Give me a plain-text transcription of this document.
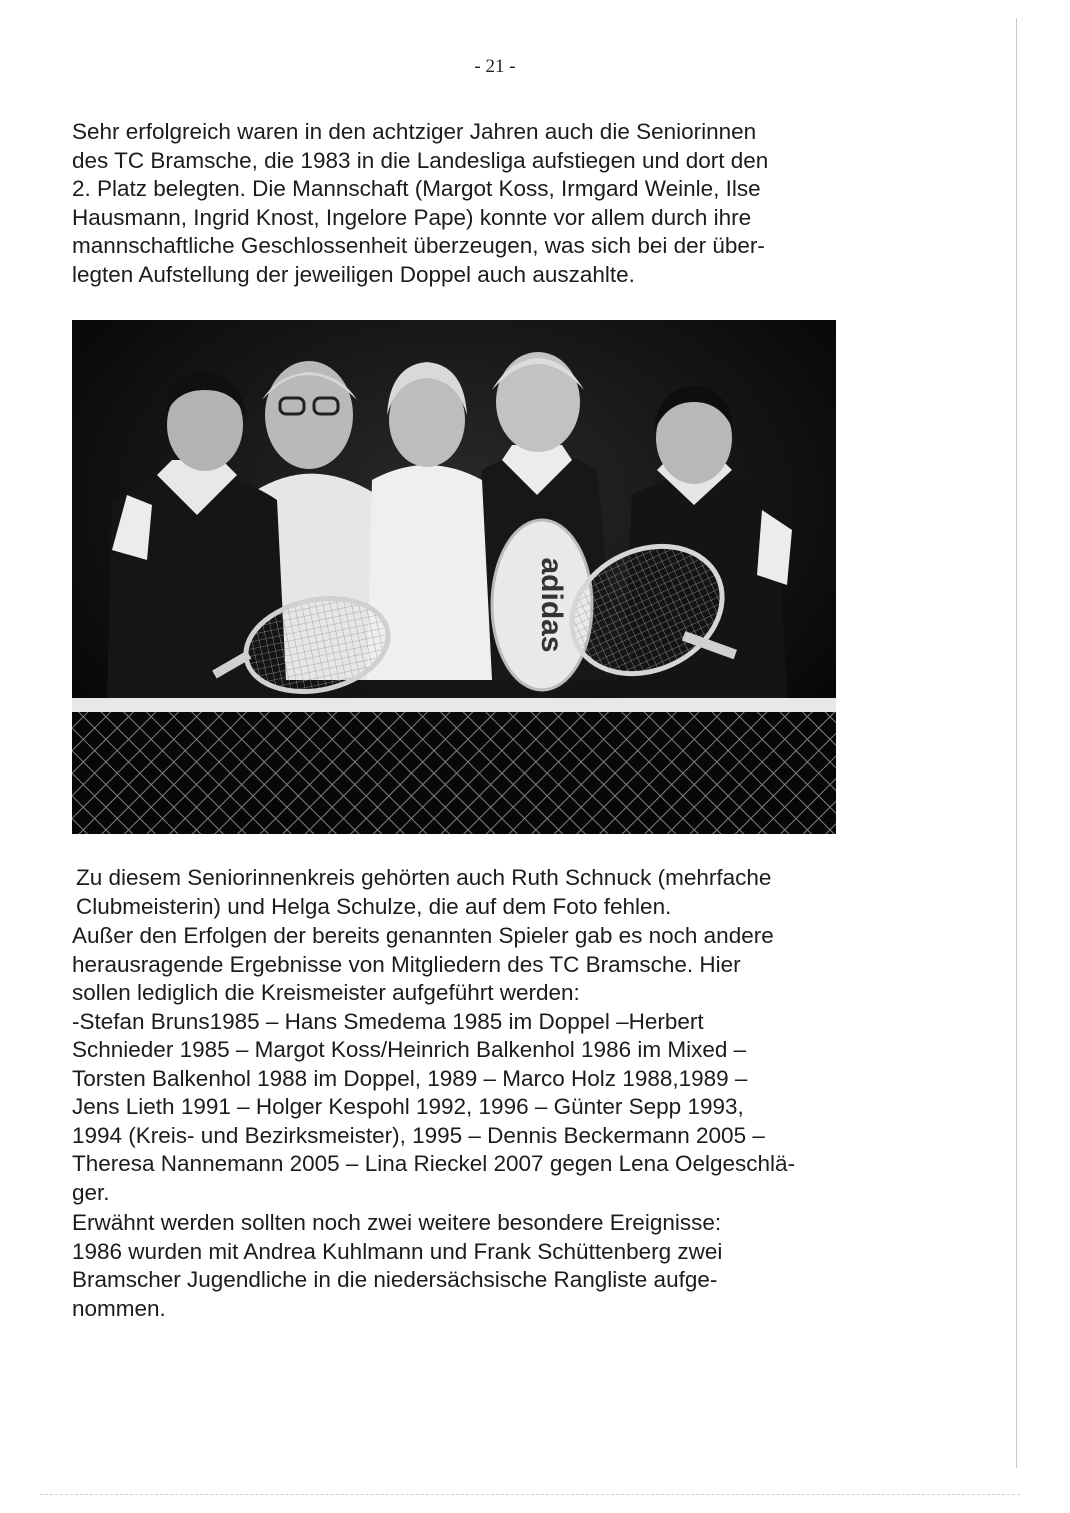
- 21 -

Sehr erfolgreich waren in den achtziger Jahren auch die Seniorinnen
des TC Bramsche, die 1983 in die Landesliga aufstiegen und dort den
2. Platz belegten. Die Mannschaft (Margot Koss, Irmgard Weinle, Ilse
Hausmann, Ingrid Knost, Ingelore Pape) konnte vor allem durch ihre
mannschaftliche Geschlossenheit überzeugen, was sich bei der über-
legten Aufstellung der jeweiligen Doppel auch auszahlte.

adidas

Zu diesem Seniorinnenkreis gehörten auch Ruth Schnuck (mehrfache
Clubmeisterin) und Helga Schulze, die auf dem Foto fehlen.

Außer den Erfolgen der bereits genannten Spieler gab es noch andere
herausragende Ergebnisse von Mitgliedern des TC Bramsche. Hier
sollen lediglich die Kreismeister aufgeführt werden:
-Stefan Bruns1985 – Hans Smedema 1985 im Doppel –Herbert
Schnieder 1985 – Margot Koss/Heinrich Balkenhol 1986 im Mixed –
Torsten Balkenhol 1988 im Doppel, 1989 – Marco Holz 1988,1989 –
Jens Lieth 1991 – Holger Kespohl 1992, 1996 – Günter Sepp 1993,
1994 (Kreis- und Bezirksmeister), 1995 – Dennis Beckermann 2005 –
Theresa Nannemann 2005 – Lina Rieckel 2007 gegen Lena Oelgeschlä-
ger.

Erwähnt werden sollten noch zwei weitere besondere Ereignisse:
1986 wurden mit Andrea Kuhlmann und Frank Schüttenberg zwei
Bramscher Jugendliche in die niedersächsische Rangliste aufge-
nommen.
